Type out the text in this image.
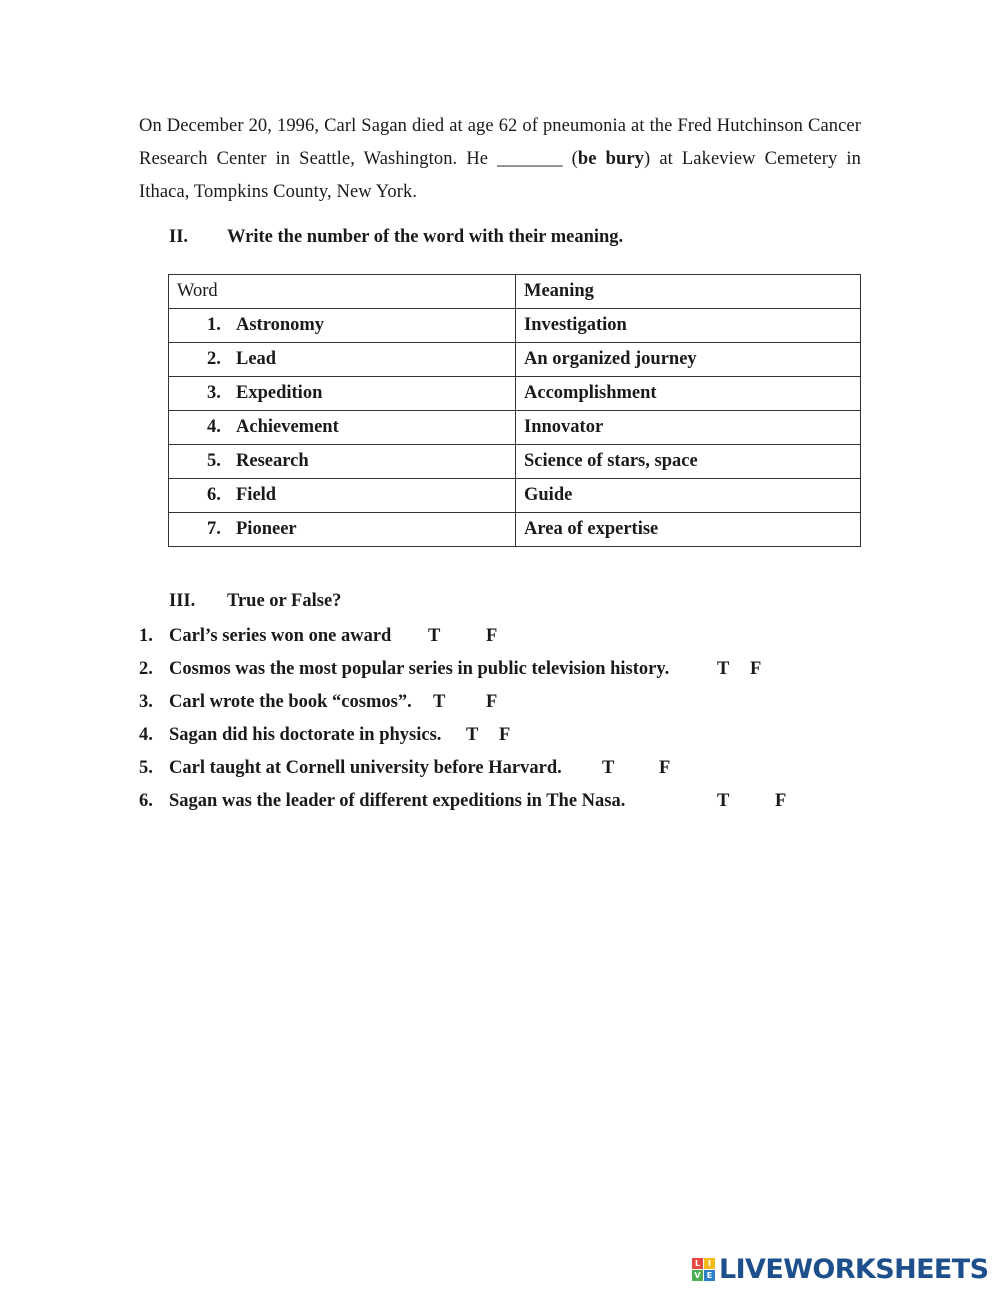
On December 20, 1996, Carl Sagan died at age 62 of pneumonia at the Fred Hutchinson Cancer Research Center in Seattle, Washington. He _______ (be bury) at Lakeview Cemetery in Ithaca, Tompkins County, New York.
II. Write the number of the word with their meaning.
Word	Meaning
1. Astronomy	Investigation
2. Lead	An organized journey
3. Expedition	Accomplishment
4. Achievement	Innovator
5. Research	Science of stars, space
6. Field	Guide
7. Pioneer	Area of expertise
III. True or False?
1. Carl’s series won one award T F
2. Cosmos was the most popular series in public television history.	T F
3. Carl wrote the book “cosmos”. T F
4. Sagan did his doctorate in physics. T F
5. Carl taught at Cornell university before Harvard. T F
6. Sagan was the leader of different expeditions in The Nasa.	T F
L I
V E LIVEWORKSHEETS
